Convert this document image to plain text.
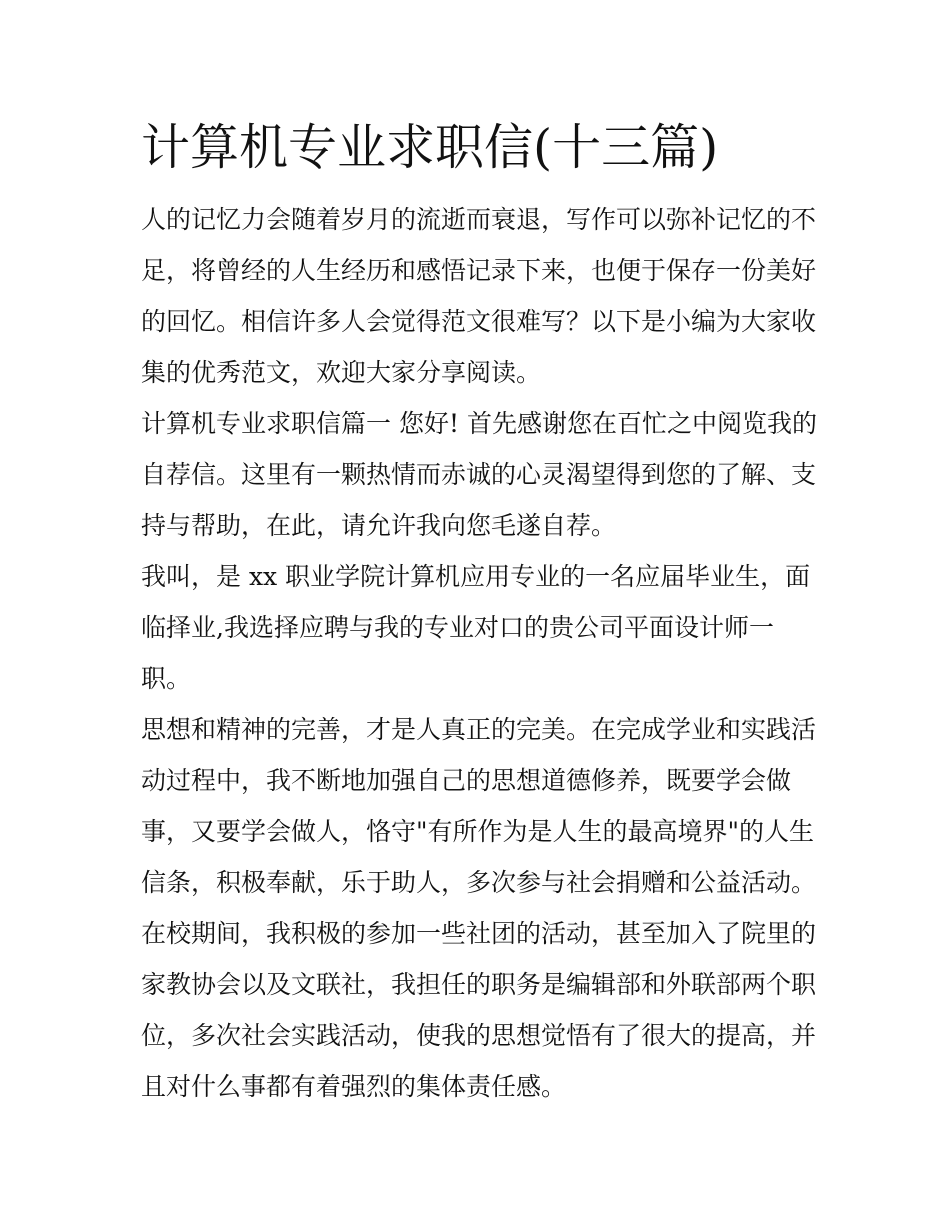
计算机专业求职信(十三篇)
人的记忆力会随着岁月的流逝而衰退，写作可以弥补记忆的不
足，将曾经的人生经历和感悟记录下来，也便于保存一份美好
的回忆。相信许多人会觉得范文很难写？以下是小编为大家收
集的优秀范文，欢迎大家分享阅读。
计算机专业求职信篇一 您好! 首先感谢您在百忙之中阅览我的
自荐信。这里有一颗热情而赤诚的心灵渴望得到您的了解、支
持与帮助，在此，请允许我向您毛遂自荐。
我叫，是 xx 职业学院计算机应用专业的一名应届毕业生，面
临择业,我选择应聘与我的专业对口的贵公司平面设计师一
职。
思想和精神的完善，才是人真正的完美。在完成学业和实践活
动过程中，我不断地加强自己的思想道德修养，既要学会做
事，又要学会做人，恪守"有所作为是人生的最高境界"的人生
信条，积极奉献，乐于助人，多次参与社会捐赠和公益活动。
在校期间，我积极的参加一些社团的活动，甚至加入了院里的
家教协会以及文联社，我担任的职务是编辑部和外联部两个职
位，多次社会实践活动，使我的思想觉悟有了很大的提高，并
且对什么事都有着强烈的集体责任感。
